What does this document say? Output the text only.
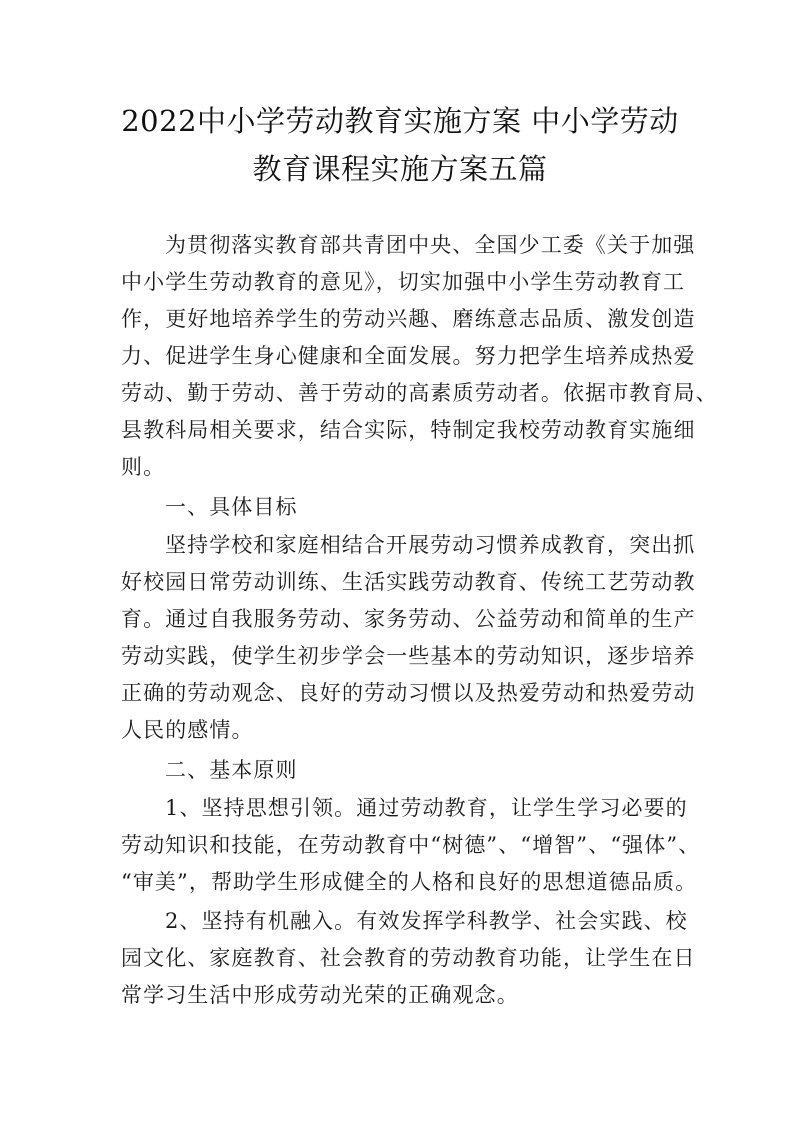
2022中小学劳动教育实施方案 中小学劳动
教育课程实施方案五篇
为贯彻落实教育部共青团中央、全国少工委《关于加强
中小学生劳动教育的意见》，切实加强中小学生劳动教育工
作，更好地培养学生的劳动兴趣、磨练意志品质、激发创造
力、促进学生身心健康和全面发展。努力把学生培养成热爱
劳动、勤于劳动、善于劳动的高素质劳动者。依据市教育局、
县教科局相关要求，结合实际，特制定我校劳动教育实施细
则。
一、具体目标
坚持学校和家庭相结合开展劳动习惯养成教育，突出抓
好校园日常劳动训练、生活实践劳动教育、传统工艺劳动教
育。通过自我服务劳动、家务劳动、公益劳动和简单的生产
劳动实践，使学生初步学会一些基本的劳动知识，逐步培养
正确的劳动观念、良好的劳动习惯以及热爱劳动和热爱劳动
人民的感情。
二、基本原则
1、坚持思想引领。通过劳动教育，让学生学习必要的
劳动知识和技能，在劳动教育中“树德”、“增智”、“强体”、
“审美”，帮助学生形成健全的人格和良好的思想道德品质。
2、坚持有机融入。有效发挥学科教学、社会实践、校
园文化、家庭教育、社会教育的劳动教育功能，让学生在日
常学习生活中形成劳动光荣的正确观念。
